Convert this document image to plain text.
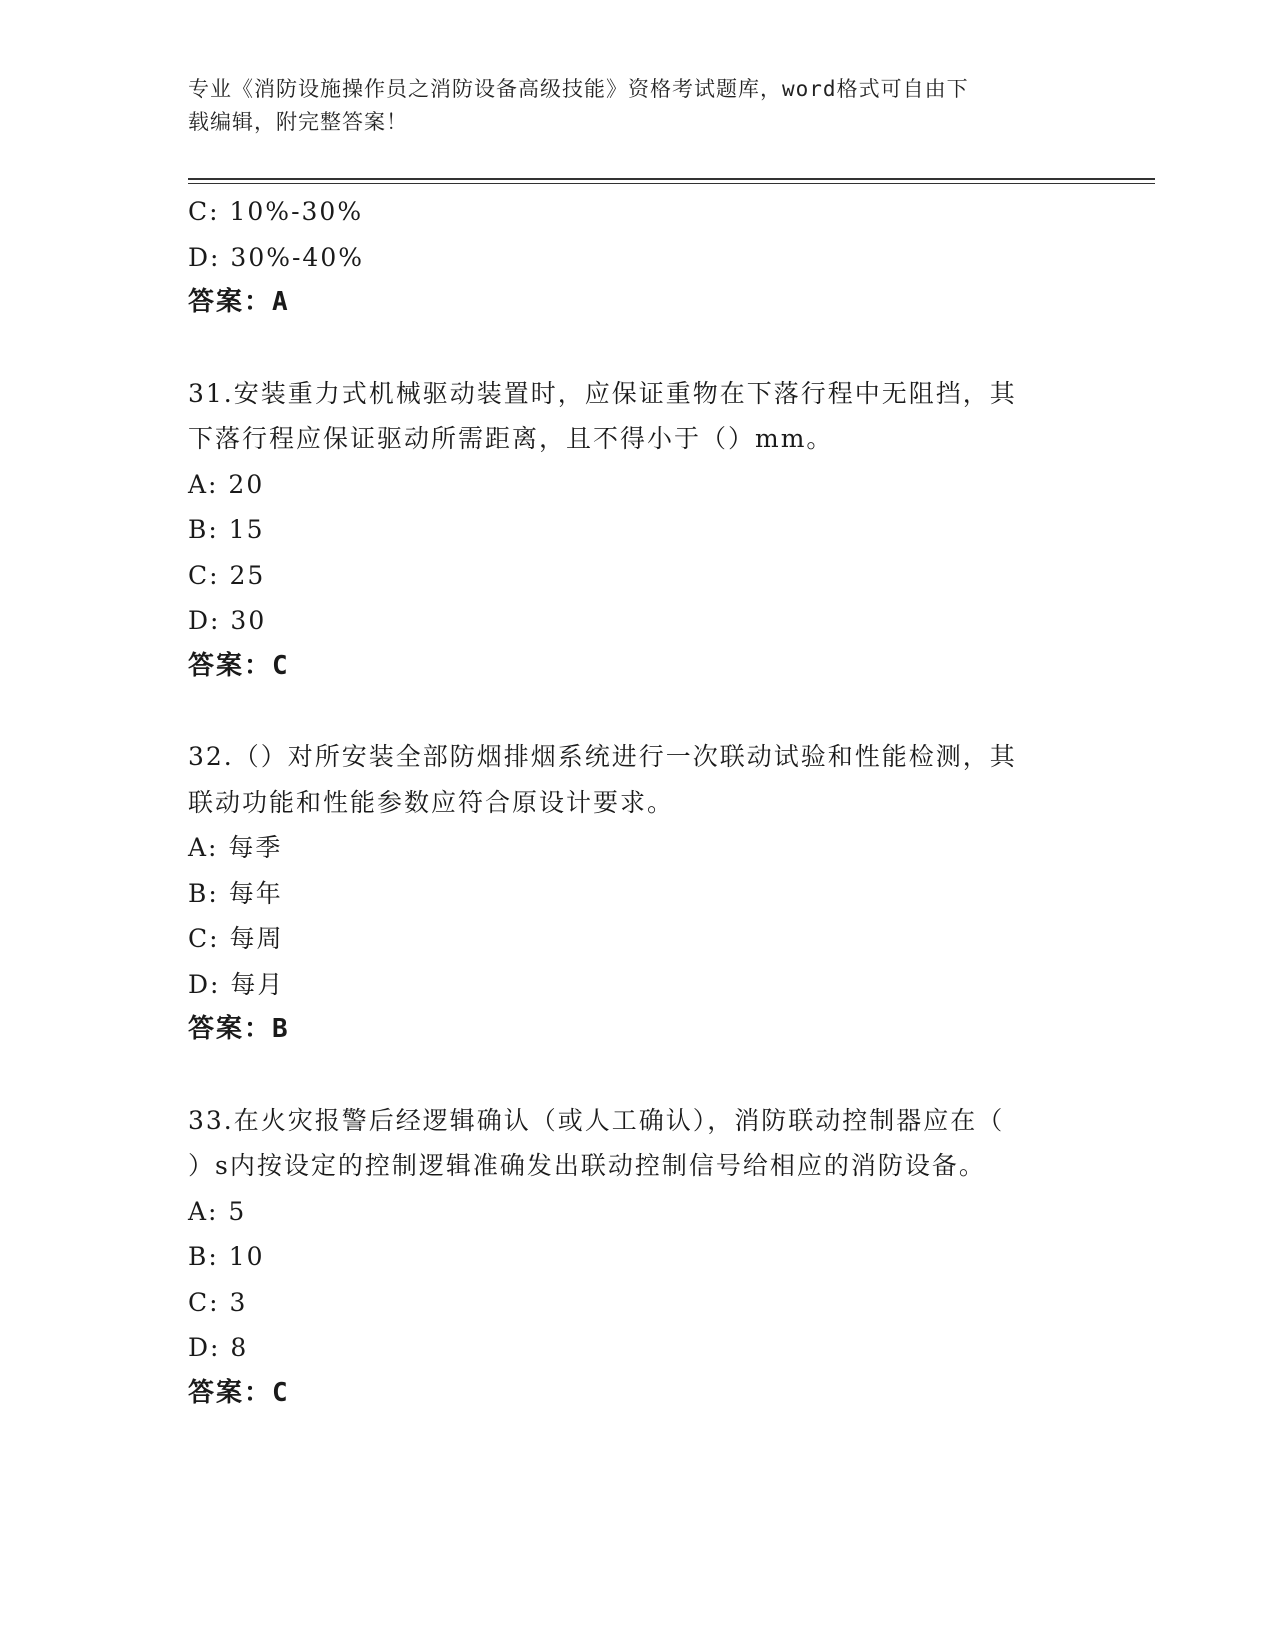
专业《消防设施操作员之消防设备高级技能》资格考试题库，word格式可自由下
载编辑，附完整答案！
C: 10%-30%
D: 30%-40%
答案：A
31.安装重力式机械驱动装置时，应保证重物在下落行程中无阻挡，其
下落行程应保证驱动所需距离，且不得小于（）mm。
A: 20
B: 15
C: 25
D: 30
答案：C
32.（）对所安装全部防烟排烟系统进行一次联动试验和性能检测，其
联动功能和性能参数应符合原设计要求。
A: 每季
B: 每年
C: 每周
D: 每月
答案：B
33.在火灾报警后经逻辑确认（或人工确认），消防联动控制器应在（
）s内按设定的控制逻辑准确发出联动控制信号给相应的消防设备。
A: 5
B: 10
C: 3
D: 8
答案：C
